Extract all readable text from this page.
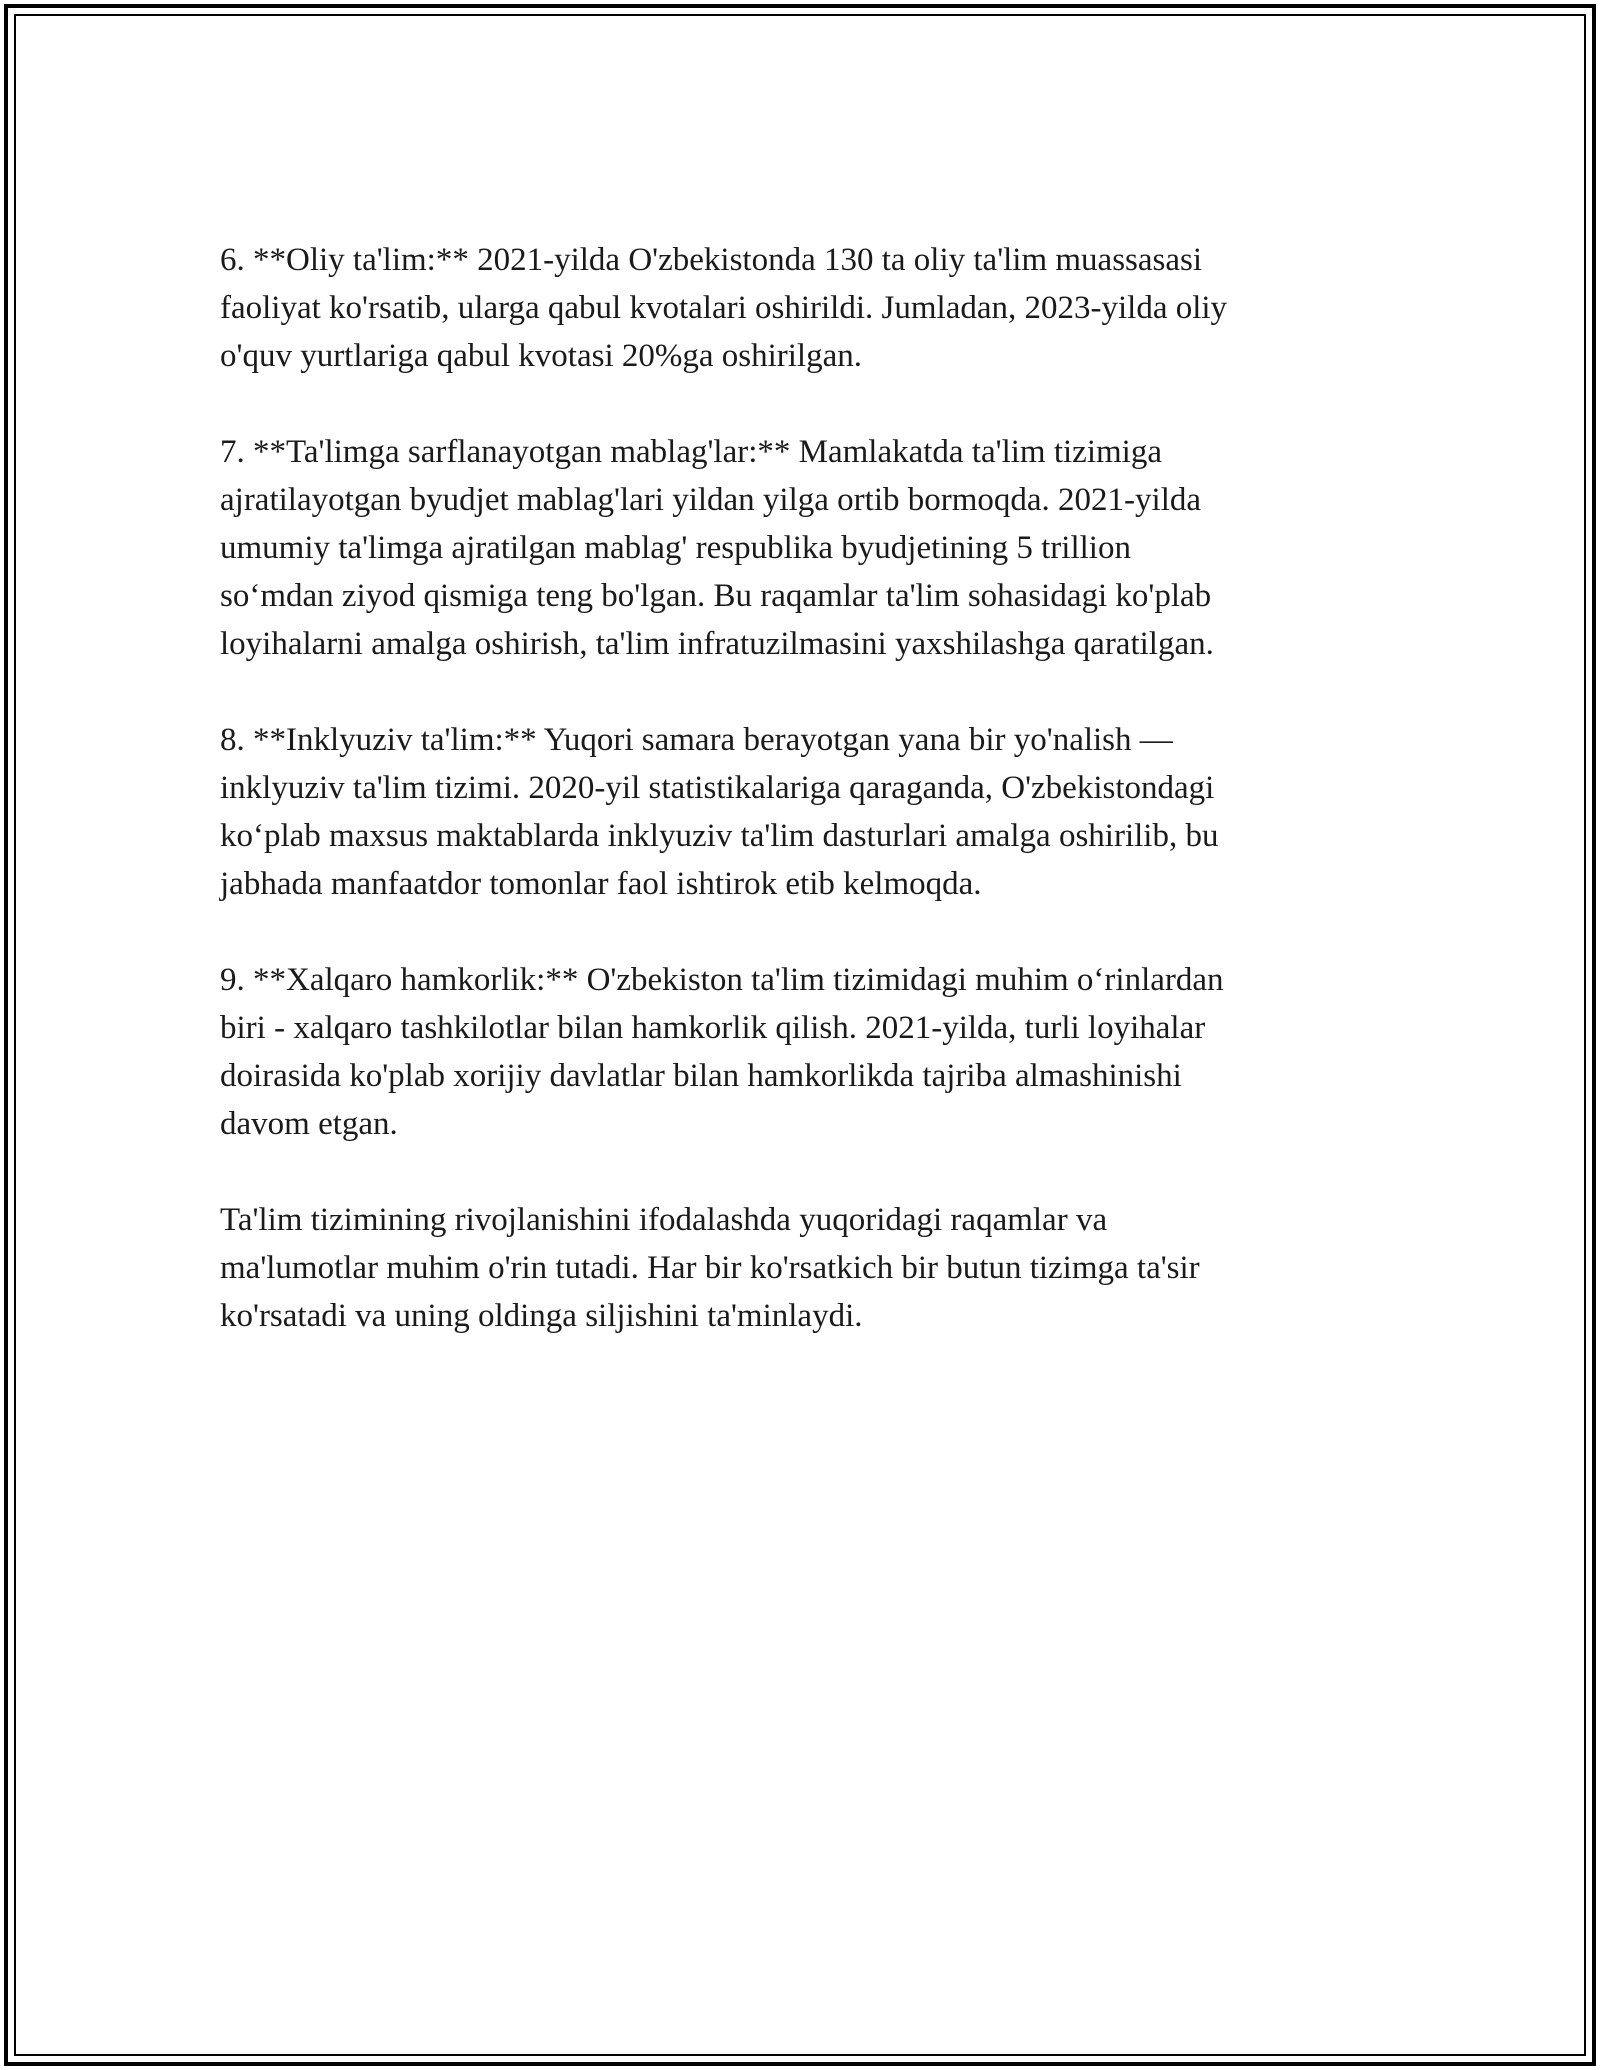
6. **Oliy ta'lim:** 2021-yilda O'zbekistonda 130 ta oliy ta'lim muassasasi
faoliyat ko'rsatib, ularga qabul kvotalari oshirildi. Jumladan, 2023-yilda oliy
o'quv yurtlariga qabul kvotasi 20%ga oshirilgan.

7. **Ta'limga sarflanayotgan mablag'lar:** Mamlakatda ta'lim tizimiga
ajratilayotgan byudjet mablag'lari yildan yilga ortib bormoqda. 2021-yilda
umumiy ta'limga ajratilgan mablag' respublika byudjetining 5 trillion
so‘mdan ziyod qismiga teng bo'lgan. Bu raqamlar ta'lim sohasidagi ko'plab
loyihalarni amalga oshirish, ta'lim infratuzilmasini yaxshilashga qaratilgan.

8. **Inklyuziv ta'lim:** Yuqori samara berayotgan yana bir yo'nalish —
inklyuziv ta'lim tizimi. 2020-yil statistikalariga qaraganda, O'zbekistondagi
ko‘plab maxsus maktablarda inklyuziv ta'lim dasturlari amalga oshirilib, bu
jabhada manfaatdor tomonlar faol ishtirok etib kelmoqda.

9. **Xalqaro hamkorlik:** O'zbekiston ta'lim tizimidagi muhim o‘rinlardan
biri - xalqaro tashkilotlar bilan hamkorlik qilish. 2021-yilda, turli loyihalar
doirasida ko'plab xorijiy davlatlar bilan hamkorlikda tajriba almashinishi
davom etgan.

Ta'lim tizimining rivojlanishini ifodalashda yuqoridagi raqamlar va
ma'lumotlar muhim o'rin tutadi. Har bir ko'rsatkich bir butun tizimga ta'sir
ko'rsatadi va uning oldinga siljishini ta'minlaydi.
